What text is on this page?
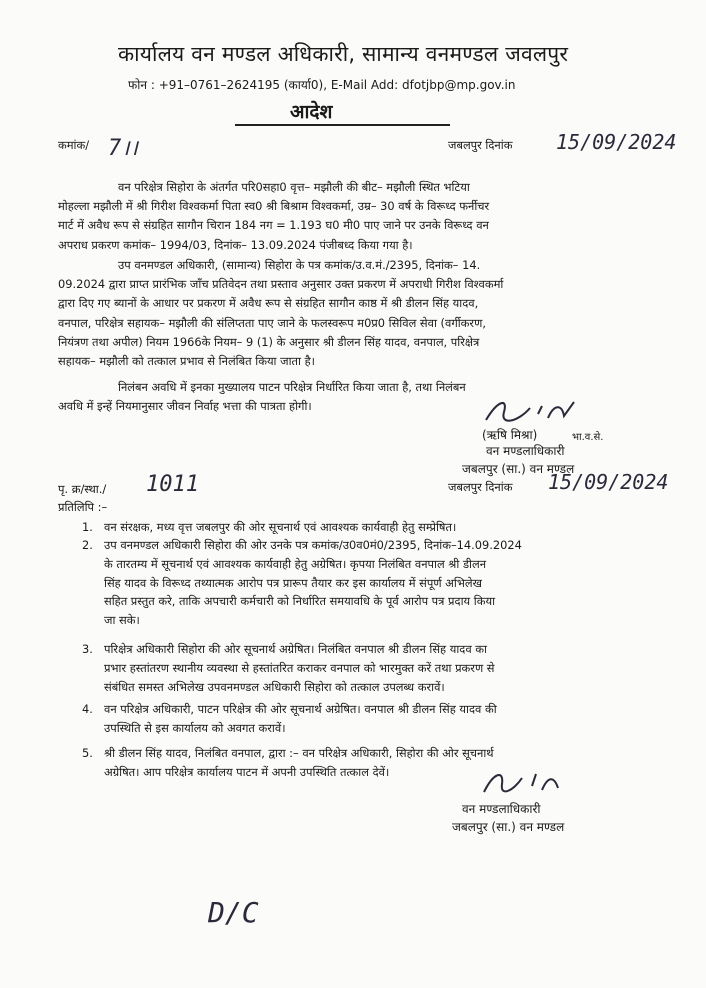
कार्यालय वन मण्डल अधिकारी, सामान्य वनमण्डल जवलपुर
फोन : +91–0761–2624195 (कार्या0), E-Mail Add: dfotjbp@mp.gov.in
आदेश
कमांक/ 7।।	जबलपुर दिनांक 15/09/2024
वन परिक्षेत्र सिहोरा के अंतर्गत परि0सहा0 वृत्त– मझौली की बीट– मझौली स्थित भटिया
मोहल्ला मझौली में श्री गिरीश विश्वकर्मा पिता स्व0 श्री बिश्राम विश्वकर्मा, उम्र– 30 वर्ष के विरूध्द फर्नीचर
मार्ट में अवैध रूप से संग्रहित सागौन चिरान 184 नग = 1.193 घ0 मी0 पाए जाने पर उनके विरूध्द वन
अपराध प्रकरण कमांक– 1994/03, दिनांक– 13.09.2024 पंजीबध्द किया गया है।
उप वनमण्डल अधिकारी, (सामान्य) सिहोरा के पत्र कमांक/उ.व.मं./2395, दिनांक– 14.
09.2024 द्वारा प्राप्त प्रारंभिक जाँच प्रतिवेदन तथा प्रस्ताव अनुसार उक्त प्रकरण में अपराधी गिरीश विश्वकर्मा
द्वारा दिए गए ब्यानों के आधार पर प्रकरण में अवैध रूप से संग्रहित सागौन काष्ठ में श्री डीलन सिंह यादव,
वनपाल, परिक्षेत्र सहायक– मझौली की संलिप्तता पाए जाने के फलस्वरूप म0प्र0 सिविल सेवा (वर्गीकरण,
नियंत्रण तथा अपील) नियम 1966के नियम– 9 (1) के अनुसार श्री डीलन सिंह यादव, वनपाल, परिक्षेत्र
सहायक– मझौली को तत्काल प्रभाव से निलंबित किया जाता है।
निलंबन अवधि में इनका मुख्यालय पाटन परिक्षेत्र निर्धारित किया जाता है, तथा निलंबन
अवधि में इन्हें नियमानुसार जीवन निर्वाह भत्ता की पात्रता होगी।
(ऋषि मिश्रा)	भा.व.से.
वन मण्डलाधिकारी
जबलपुर (सा.) वन मण्डल
पृ. क्र/स्था./ 1011	जबलपुर दिनांक 15/09/2024
प्रतिलिपि :–
1. वन संरक्षक, मध्य वृत्त जबलपुर की ओर सूचनार्थ एवं आवश्यक कार्यवाही हेतु सम्प्रेषित।
2. उप वनमण्डल अधिकारी सिहोरा की ओर उनके पत्र कमांक/उ0व0मं0/2395, दिनांक–14.09.2024
के तारतम्य में सूचनार्थ एवं आवश्यक कार्यवाही हेतु अग्रेषित। कृपया निलंबित वनपाल श्री डीलन
सिंह यादव के विरूध्द तथ्यात्मक आरोप पत्र प्रारूप तैयार कर इस कार्यालय में संपूर्ण अभिलेख
सहित प्रस्तुत करे, ताकि अपचारी कर्मचारी को निर्धारित समयावधि के पूर्व आरोप पत्र प्रदाय किया
जा सके।
3. परिक्षेत्र अधिकारी सिहोरा की ओर सूचनार्थ अग्रेषित। निलंबित वनपाल श्री डीलन सिंह यादव का
प्रभार हस्तांतरण स्थानीय व्यवस्था से हस्तांतरित कराकर वनपाल को भारमुक्त करें तथा प्रकरण से
संबंधित समस्त अभिलेख उपवनमण्डल अधिकारी सिहोरा को तत्काल उपलब्ध करावें।
4. वन परिक्षेत्र अधिकारी, पाटन परिक्षेत्र की ओर सूचनार्थ अग्रेषित। वनपाल श्री डीलन सिंह यादव की
उपस्थिति से इस कार्यालय को अवगत करावें।
5. श्री डीलन सिंह यादव, निलंबित वनपाल, द्वारा :– वन परिक्षेत्र अधिकारी, सिहोरा की ओर सूचनार्थ
अग्रेषित। आप परिक्षेत्र कार्यालय पाटन में अपनी उपस्थिति तत्काल देवें।
वन मण्डलाधिकारी
जबलपुर (सा.) वन मण्डल
D/C
